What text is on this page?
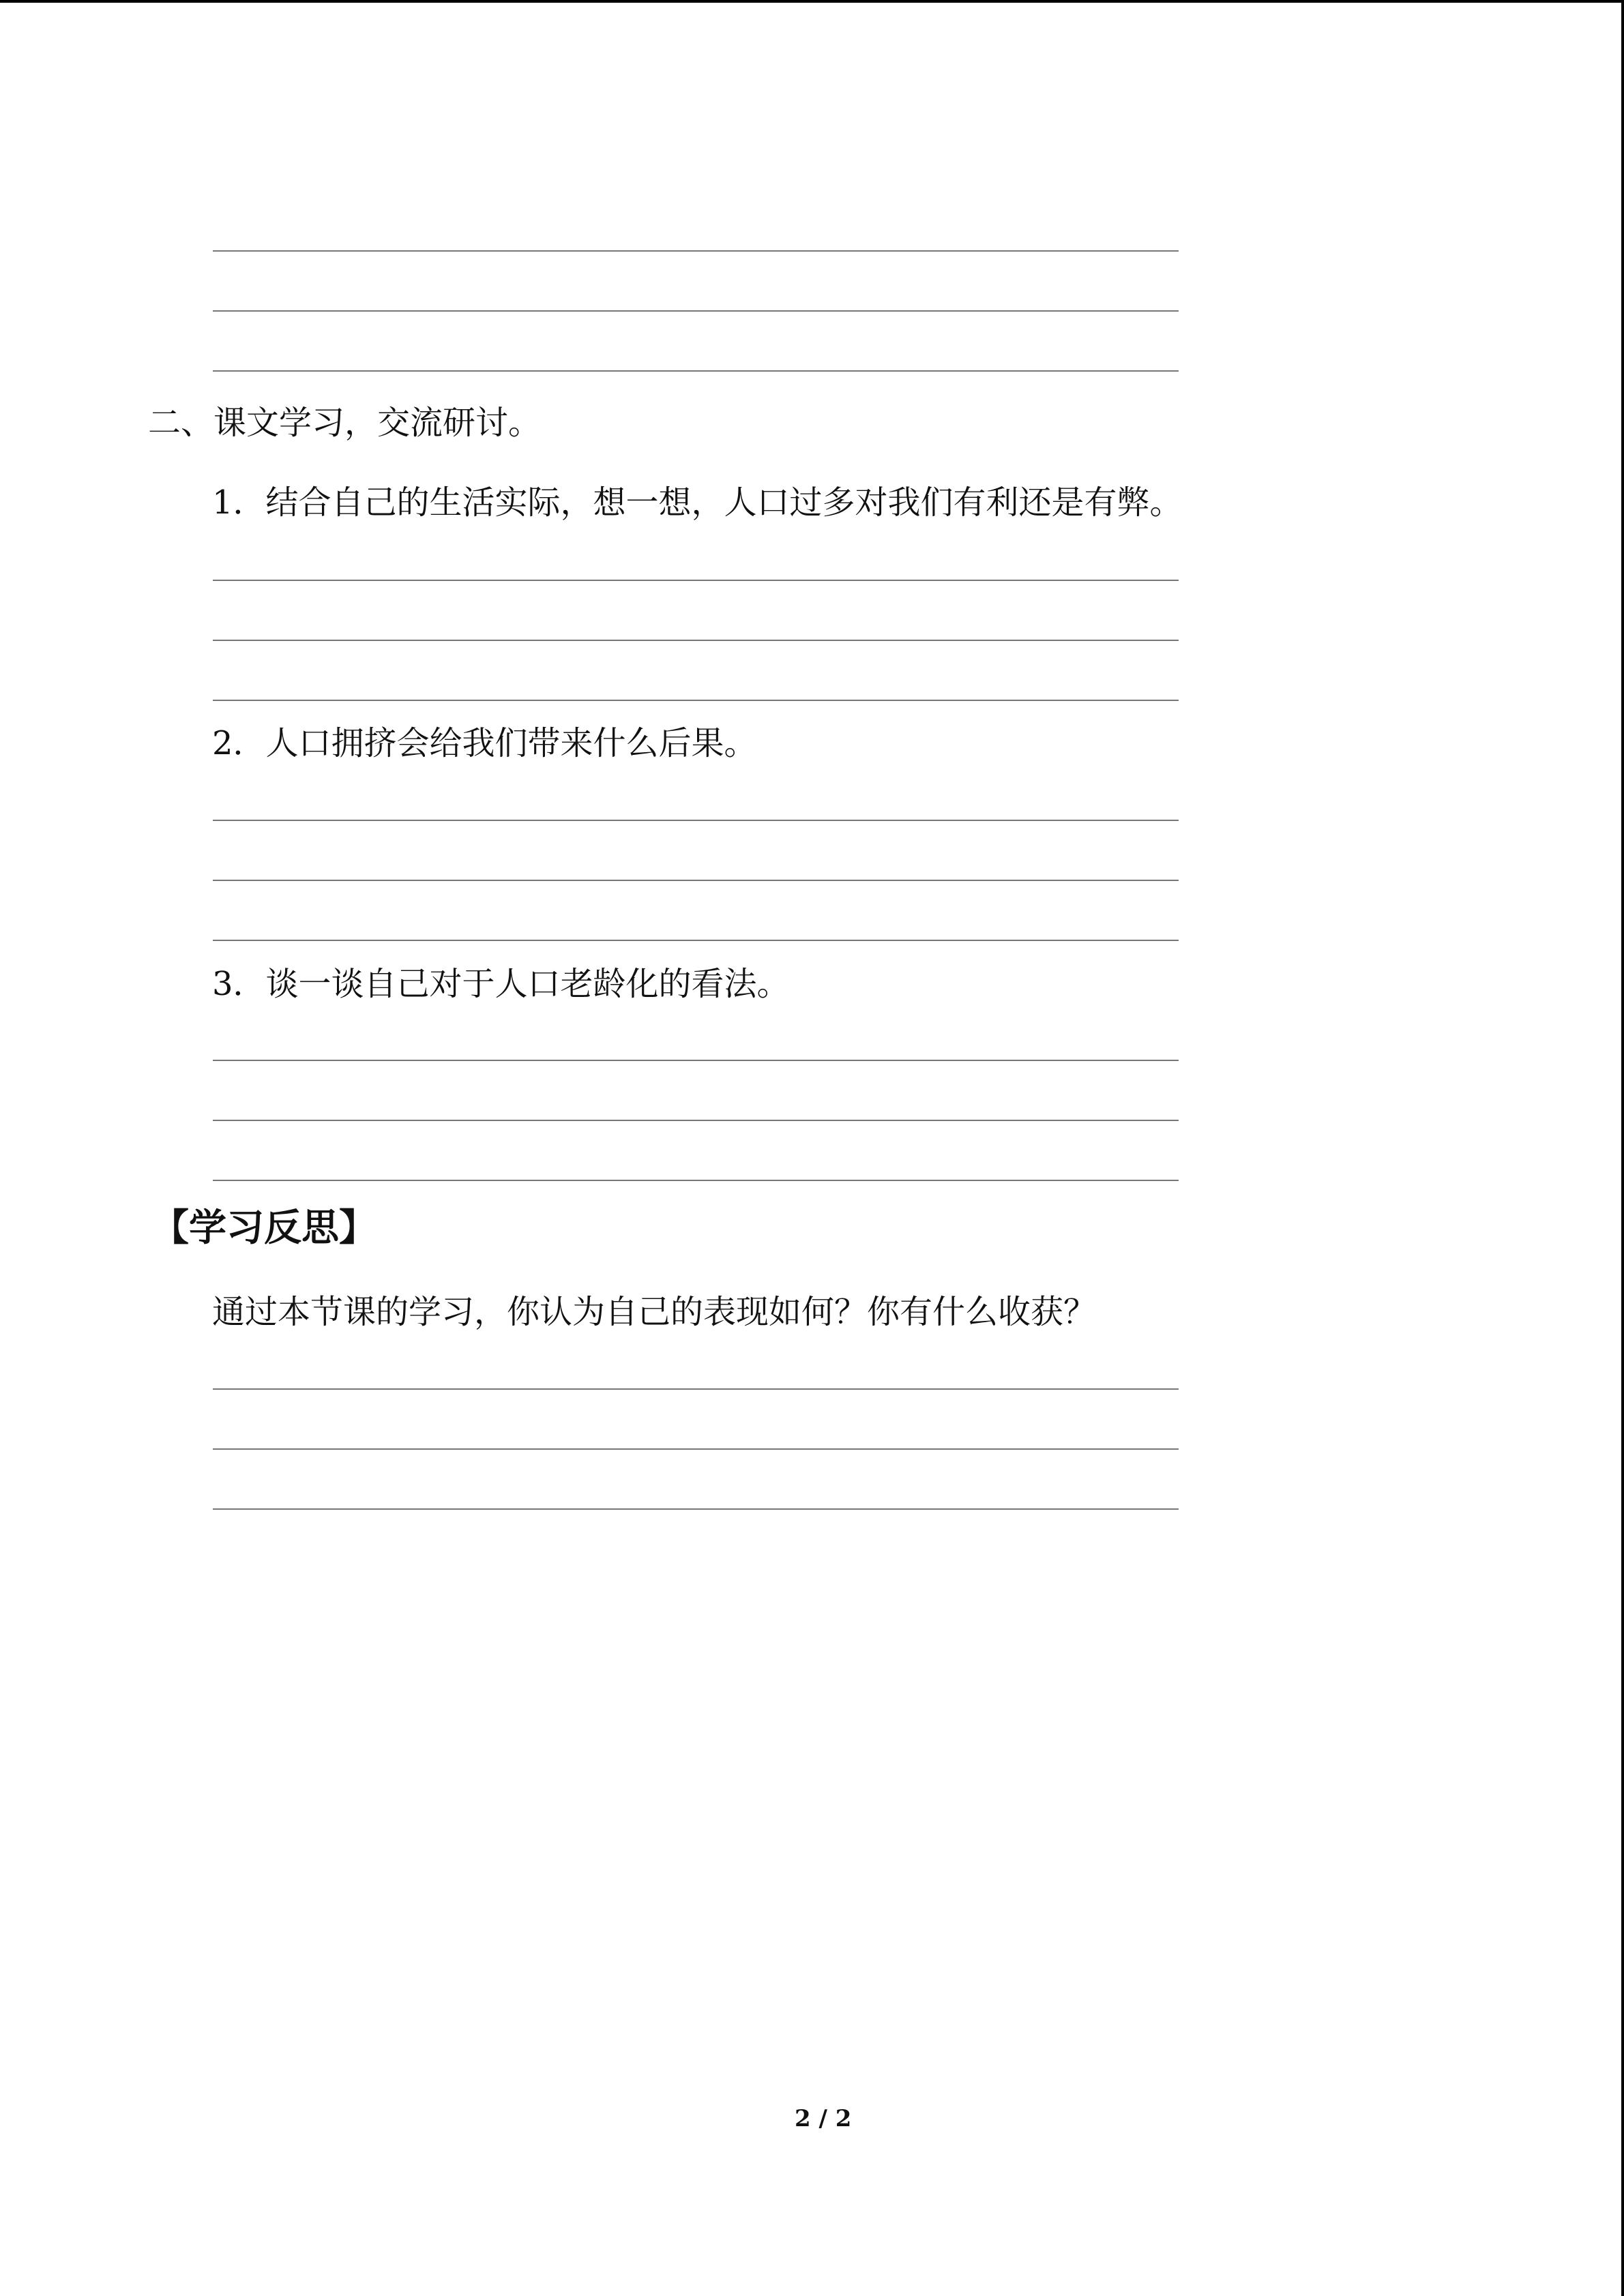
二、课文学习，交流研讨。
1．结合自己的生活实际，想一想，人口过多对我们有利还是有弊。
2．人口拥挤会给我们带来什么后果。
3．谈一谈自己对于人口老龄化的看法。
【学习反思】
通过本节课的学习，你认为自己的表现如何？你有什么收获？
2 / 2
